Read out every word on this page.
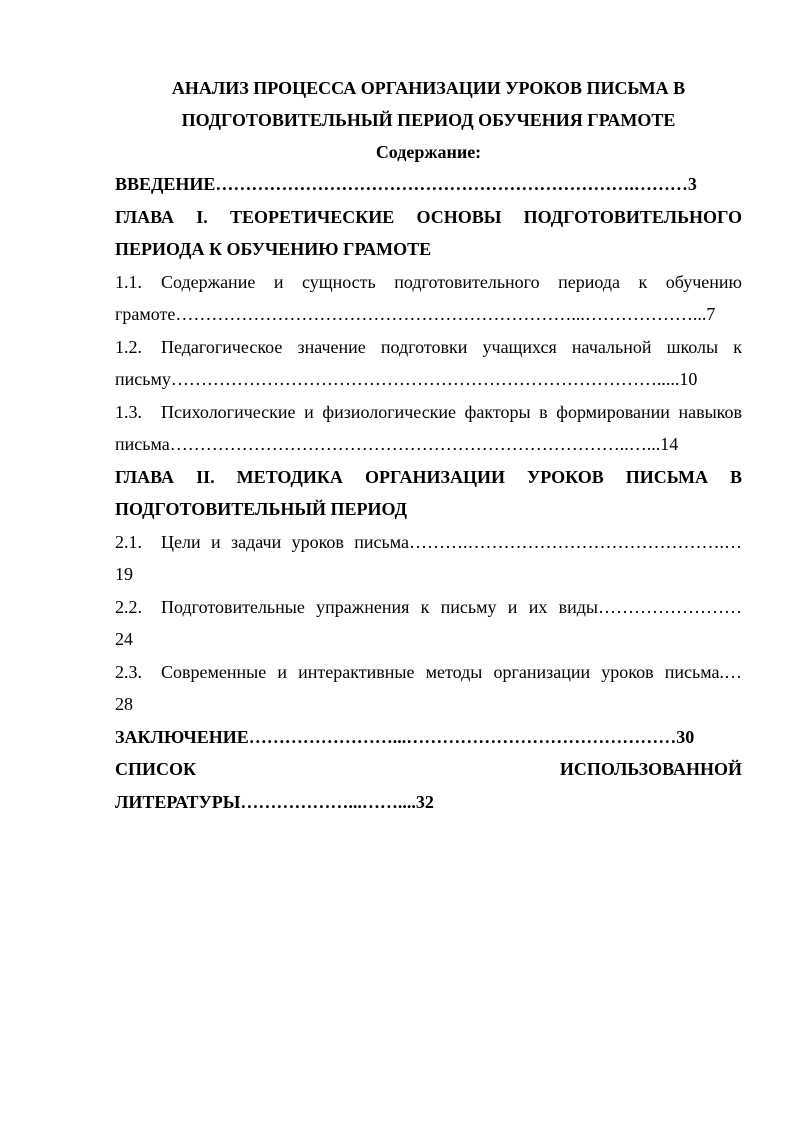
АНАЛИЗ ПРОЦЕССА ОРГАНИЗАЦИИ УРОКОВ ПИСЬМА В

ПОДГОТОВИТЕЛЬНЫЙ ПЕРИОД ОБУЧЕНИЯ ГРАМОТЕ

Содержание:

ВВЕДЕНИЕ…………………………………………………………….………3

ГЛАВА I. ТЕОРЕТИЧЕСКИЕ ОСНОВЫ ПОДГОТОВИТЕЛЬНОГО

ПЕРИОДА К ОБУЧЕНИЮ ГРАМОТЕ

1.1. Содержание и сущность подготовительного периода к обучению

грамоте…………………………………………………………...………………...7

1.2. Педагогическое значение подготовки учащихся начальной школы к

письму……………………………………………………………………….....10

1.3. Психологические и физиологические факторы в формировании навыков

письма…………………………………………………………………..…...14

ГЛАВА II. МЕТОДИКА ОРГАНИЗАЦИИ УРОКОВ ПИСЬМА В

ПОДГОТОВИТЕЛЬНЫЙ ПЕРИОД

2.1. Цели и задачи уроков письма……….…………………………………….…

19

2.2. Подготовительные упражнения к письму и их виды……………………

24

2.3. Современные и интерактивные методы организации уроков письма.…

28

ЗАКЛЮЧЕНИЕ……………………...………………………………………30

СПИСОК	ИСПОЛЬЗОВАННОЙ

ЛИТЕРАТУРЫ………………...……....32
